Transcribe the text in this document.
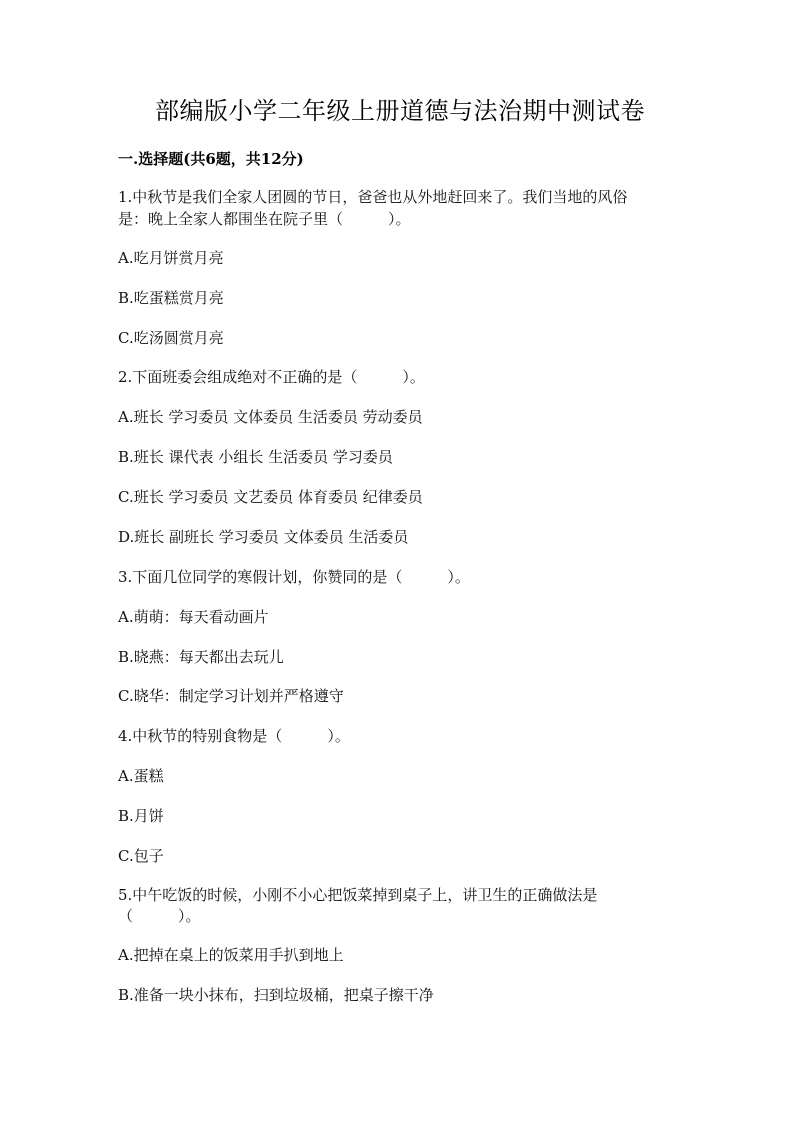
部编版小学二年级上册道德与法治期中测试卷
一.选择题(共6题，共12分)
1.中秋节是我们全家人团圆的节日，爸爸也从外地赶回来了。我们当地的风俗
是：晚上全家人都围坐在院子里（　　　）。
A.吃月饼赏月亮
B.吃蛋糕赏月亮
C.吃汤圆赏月亮
2.下面班委会组成绝对不正确的是（　　　）。
A.班长 学习委员 文体委员 生活委员 劳动委员
B.班长 课代表 小组长 生活委员 学习委员
C.班长 学习委员 文艺委员 体育委员 纪律委员
D.班长 副班长 学习委员 文体委员 生活委员
3.下面几位同学的寒假计划，你赞同的是（　　　）。
A.萌萌：每天看动画片
B.晓燕：每天都出去玩儿
C.晓华：制定学习计划并严格遵守
4.中秋节的特别食物是（　　　）。
A.蛋糕
B.月饼
C.包子
5.中午吃饭的时候，小刚不小心把饭菜掉到桌子上，讲卫生的正确做法是
（　　　）。
A.把掉在桌上的饭菜用手扒到地上
B.准备一块小抹布，扫到垃圾桶，把桌子擦干净
